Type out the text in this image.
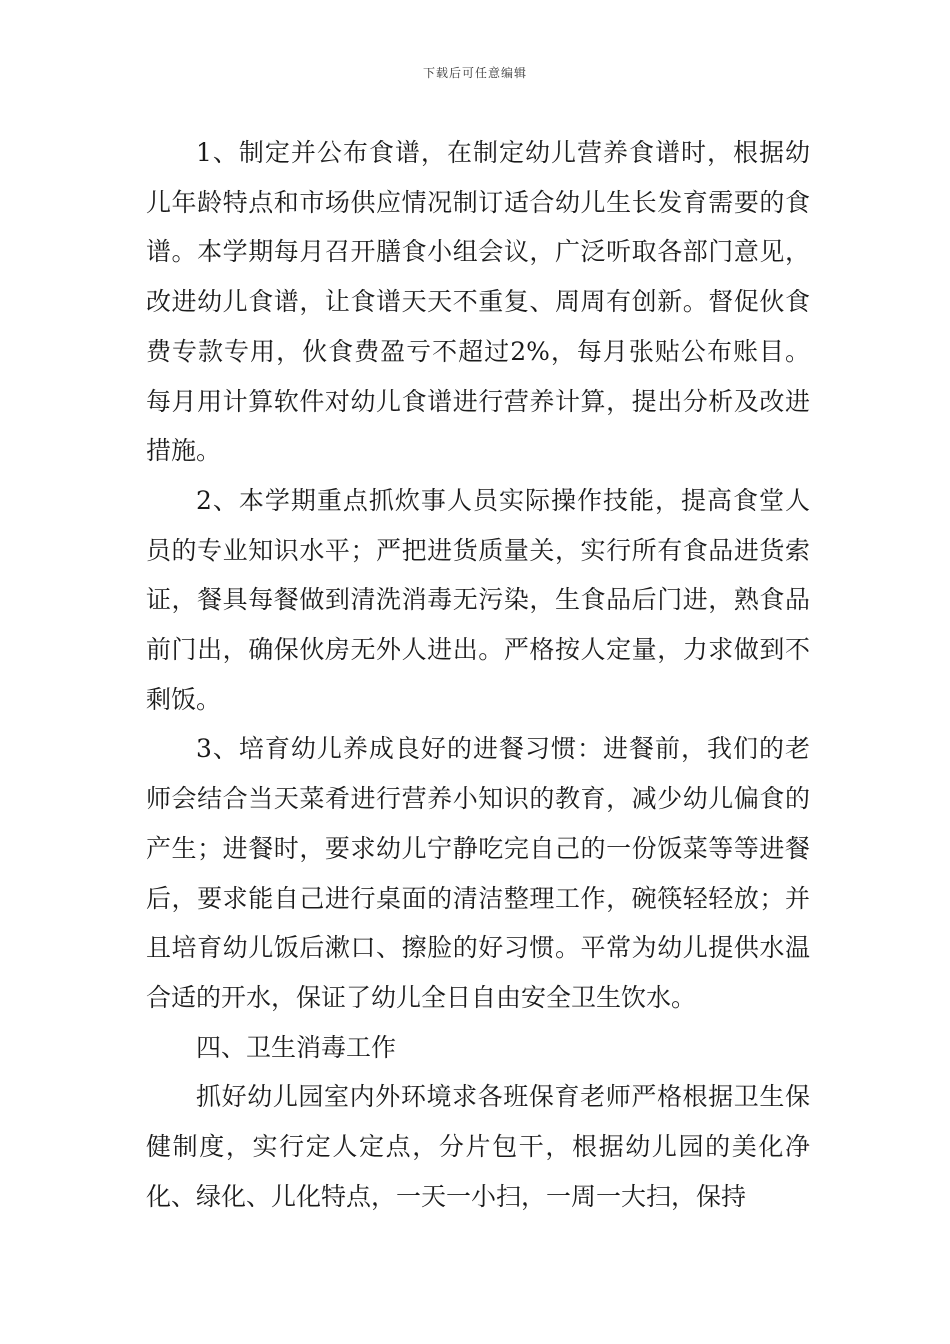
下载后可任意编辑

1、制定并公布食谱，在制定幼儿营养食谱时，根据幼儿年龄特点和市场供应情况制订适合幼儿生长发育需要的食谱。本学期每月召开膳食小组会议，广泛听取各部门意见，改进幼儿食谱，让食谱天天不重复、周周有创新。督促伙食费专款专用，伙食费盈亏不超过2%，每月张贴公布账目。每月用计算软件对幼儿食谱进行营养计算，提出分析及改进措施。

2、本学期重点抓炊事人员实际操作技能，提高食堂人员的专业知识水平；严把进货质量关，实行所有食品进货索证，餐具每餐做到清洗消毒无污染，生食品后门进，熟食品前门出，确保伙房无外人进出。严格按人定量，力求做到不剩饭。

3、培育幼儿养成良好的进餐习惯：进餐前，我们的老师会结合当天菜肴进行营养小知识的教育，减少幼儿偏食的产生；进餐时，要求幼儿宁静吃完自己的一份饭菜等等进餐后，要求能自己进行桌面的清洁整理工作，碗筷轻轻放；并且培育幼儿饭后漱口、擦脸的好习惯。平常为幼儿提供水温合适的开水，保证了幼儿全日自由安全卫生饮水。

四、卫生消毒工作

抓好幼儿园室内外环境求各班保育老师严格根据卫生保健制度，实行定人定点，分片包干，根据幼儿园的美化净化、绿化、儿化特点，一天一小扫，一周一大扫，保持
